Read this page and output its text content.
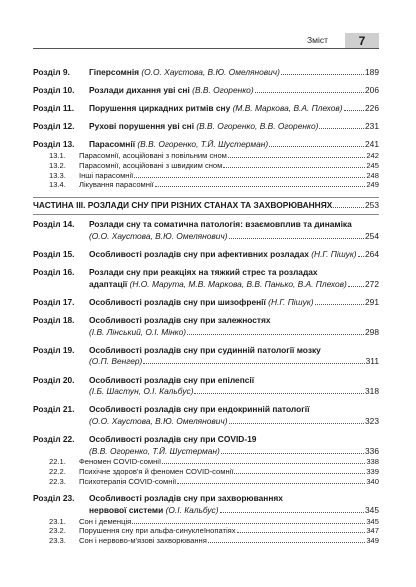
Зміст	7
Розділ 9.	Гіперсомнія
(О.О. Хаустова, В.Ю. Омелянович)	189
Розділ 10.	Розлади дихання уві сні
(В.В. Огоренко)	206
Розділ 11.	Порушення циркадних ритмів сну
(М.В. Маркова, В.А. Плехов)	226
Розділ 12.	Рухові порушення уві сні
(В.В. Огоренко, В.В. Огоренко)	231
Розділ 13.	Парасомнії
(В.В. Огоренко, Т.Й. Шустерман)	241
13.1.	Парасомнії, асоційовані з повільним сном	242
13.2.	Парасомнії, асоційовані з швидким сном	245
13.3.	Інші парасомнії	248
13.4.	Лікування парасомнії	249
ЧАСТИНА ІІІ. РОЗЛАДИ СНУ ПРИ РІЗНИХ СТАНАХ ТА ЗАХВОРЮВАННЯХ	253
Розділ 14.	Розлади сну та соматична патологія: взаємовплив та динаміка
(О.О. Хаустова, В.Ю. Омелянович)	254
Розділ 15.	Особливості розладів сну при афективних розладах
(Н.Г. Пішук) 264
Розділ 16.	Розлади сну при реакціях на тяжкий стрес та розладах
адаптації
(Н.О. Марута, М.В. Маркова, В.В. Панько, В.А. Плехов) 272
Розділ 17.	Особливості розладів сну при шизофренії
(Н.Г. Пішук)	291
Розділ 18.	Особливості розладів сну при залежностях
(І.В. Лінський, О.І. Мінко)	298
Розділ 19.	Особливості розладів сну при судинній патології мозку
(О.П. Венгер)	311
Розділ 20.	Особливості розладів сну при епілепсії
(І.Б. Шастун, О.І. Кальбус)	318
Розділ 21.	Особливості розладів сну при ендокринній патології
(О.О. Хаустова, В.Ю. Омелянович)	323
Розділ 22.	Особливості розладів сну при COVID-19
(В.В. Огоренко, Т.Й. Шустерман)	336
22.1.	Феномен COVID-сомнії	338
22.2.	Психічне здоров'я й феномен COVID-сомнії	339
22.3.	Психотерапія COVID-сомнії	340
Розділ 23.	Особливості розладів сну при захворюваннях
нервової системи
(О.І. Кальбус)	345
23.1.	Сон і деменція	345
23.2.	Порушення сну при альфа-синуклеїнопатіях	347
23.3.	Сон і нервово-м'язові захворювання	349
